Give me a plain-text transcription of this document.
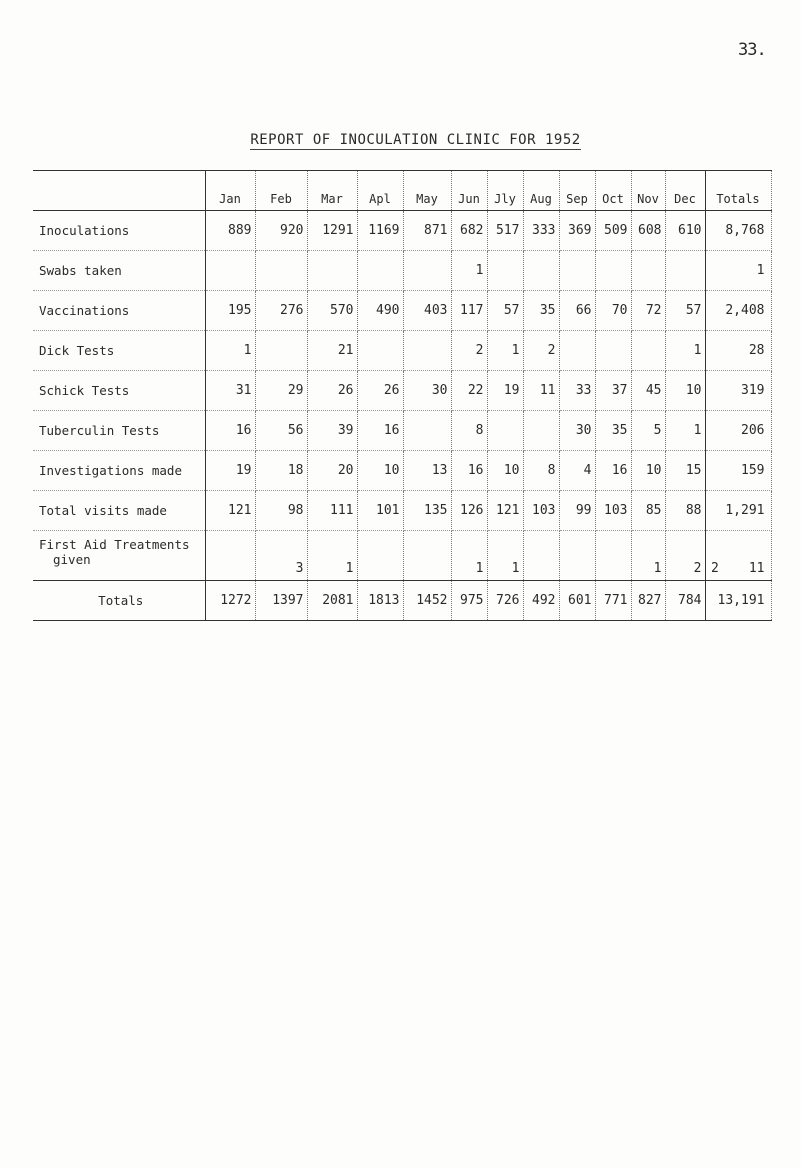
33.
REPORT OF INOCULATION CLINIC FOR 1952
	Jan	Feb	Mar	Apl	May	Jun	Jly	Aug	Sep	Oct	Nov	Dec	Totals
Inoculations	889	920	1291	1169	871	682	517	333	369	509	608	610	8,768
Swabs taken						1							1
Vaccinations	195	276	570	490	403	117	57	35	66	70	72	57	2,408
Dick Tests	1		21			2	1	2				1	28
Schick Tests	31	29	26	26	30	22	19	11	33	37	45	10	319
Tuberculin Tests	16	56	39	16		8			30	35	5	1	206
Investigations made	19	18	20	10	13	16	10	8	4	16	10	15	159
Total visits made	121	98	111	101	135	126	121	103	99	103	85	88	1,291
First Aid Treatments
given		3	1			1	1				1	2	2 11
Totals	1272	1397	2081	1813	1452	975	726	492	601	771	827	784	13,191
